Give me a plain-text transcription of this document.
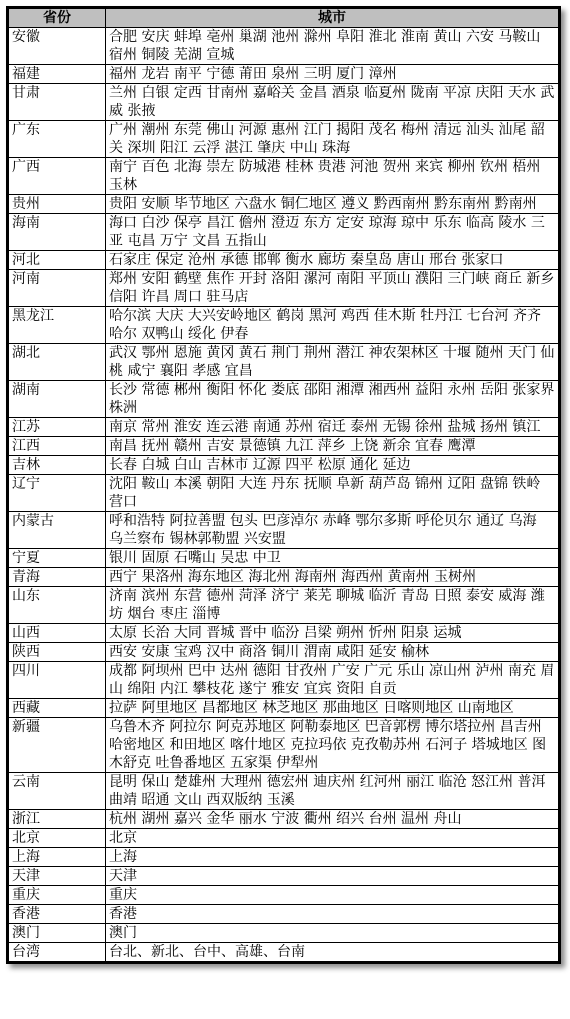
省份	城市
安徽	合肥 安庆 蚌埠 亳州 巢湖 池州 滁州 阜阳 淮北 淮南 黄山 六安 马鞍山 宿州 铜陵 芜湖 宣城
福建	福州 龙岩 南平 宁德 莆田 泉州 三明 厦门 漳州
甘肃	兰州 白银 定西 甘南州 嘉峪关 金昌 酒泉 临夏州 陇南 平凉 庆阳 天水 武威 张掖
广东	广州 潮州 东莞 佛山 河源 惠州 江门 揭阳 茂名 梅州 清远 汕头 汕尾 韶关 深圳 阳江 云浮 湛江 肇庆 中山 珠海
广西	南宁 百色 北海 崇左 防城港 桂林 贵港 河池 贺州 来宾 柳州 钦州 梧州 玉林
贵州	贵阳 安顺 毕节地区 六盘水 铜仁地区 遵义 黔西南州 黔东南州 黔南州
海南	海口 白沙 保亭 昌江 儋州 澄迈 东方 定安 琼海 琼中 乐东 临高 陵水 三亚 屯昌 万宁 文昌 五指山
河北	石家庄 保定 沧州 承德 邯郸 衡水 廊坊 秦皇岛 唐山 邢台 张家口
河南	郑州 安阳 鹤壁 焦作 开封 洛阳 漯河 南阳 平顶山 濮阳 三门峡 商丘 新乡 信阳 许昌 周口 驻马店
黑龙江	哈尔滨 大庆 大兴安岭地区 鹤岗 黑河 鸡西 佳木斯 牡丹江 七台河 齐齐哈尔 双鸭山 绥化 伊春
湖北	武汉 鄂州 恩施 黄冈 黄石 荆门 荆州 潜江 神农架林区 十堰 随州 天门 仙桃 咸宁 襄阳 孝感 宜昌
湖南	长沙 常德 郴州 衡阳 怀化 娄底 邵阳 湘潭 湘西州 益阳 永州 岳阳 张家界 株洲
江苏	南京 常州 淮安 连云港 南通 苏州 宿迁 泰州 无锡 徐州 盐城 扬州 镇江
江西	南昌 抚州 赣州 吉安 景德镇 九江 萍乡 上饶 新余 宜春 鹰潭
吉林	长春 白城 白山 吉林市 辽源 四平 松原 通化 延边
辽宁	沈阳 鞍山 本溪 朝阳 大连 丹东 抚顺 阜新 葫芦岛 锦州 辽阳 盘锦 铁岭 营口
内蒙古	呼和浩特 阿拉善盟 包头 巴彦淖尔 赤峰 鄂尔多斯 呼伦贝尔 通辽 乌海 乌兰察布 锡林郭勒盟 兴安盟
宁夏	银川 固原 石嘴山 吴忠 中卫
青海	西宁 果洛州 海东地区 海北州 海南州 海西州 黄南州 玉树州
山东	济南 滨州 东营 德州 菏泽 济宁 莱芜 聊城 临沂 青岛 日照 泰安 威海 潍坊 烟台 枣庄 淄博
山西	太原 长治 大同 晋城 晋中 临汾 吕梁 朔州 忻州 阳泉 运城
陕西	西安 安康 宝鸡 汉中 商洛 铜川 渭南 咸阳 延安 榆林
四川	成都 阿坝州 巴中 达州 德阳 甘孜州 广安 广元 乐山 凉山州 泸州 南充 眉山 绵阳 内江 攀枝花 遂宁 雅安 宜宾 资阳 自贡
西藏	拉萨 阿里地区 昌都地区 林芝地区 那曲地区 日喀则地区 山南地区
新疆	乌鲁木齐 阿拉尔 阿克苏地区 阿勒泰地区 巴音郭楞 博尔塔拉州 昌吉州 哈密地区 和田地区 喀什地区 克拉玛依 克孜勒苏州 石河子 塔城地区 图木舒克 吐鲁番地区 五家渠 伊犁州
云南	昆明 保山 楚雄州 大理州 德宏州 迪庆州 红河州 丽江 临沧 怒江州 普洱 曲靖 昭通 文山 西双版纳 玉溪
浙江	杭州 湖州 嘉兴 金华 丽水 宁波 衢州 绍兴 台州 温州 舟山
北京	北京
上海	上海
天津	天津
重庆	重庆
香港	香港
澳门	澳门
台湾	台北、新北、台中、高雄、台南
